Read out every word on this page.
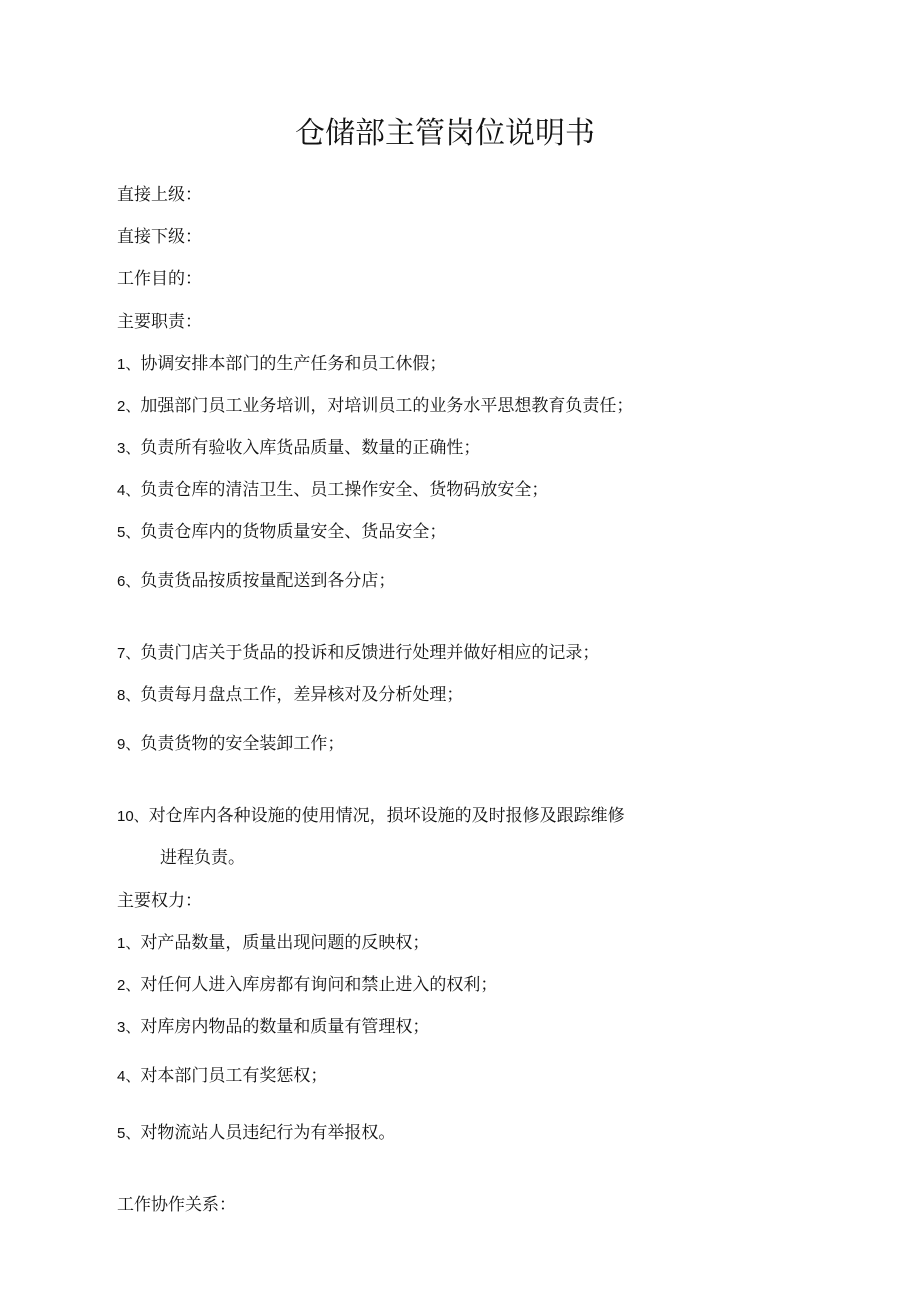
仓储部主管岗位说明书
直接上级：
直接下级：
工作目的：
主要职责：
1、协调安排本部门的生产任务和员工休假；
2、加强部门员工业务培训，对培训员工的业务水平思想教育负责任；
3、负责所有验收入库货品质量、数量的正确性；
4、负责仓库的清洁卫生、员工操作安全、货物码放安全；
5、负责仓库内的货物质量安全、货品安全；
6、负责货品按质按量配送到各分店；
7、负责门店关于货品的投诉和反馈进行处理并做好相应的记录；
8、负责每月盘点工作，差异核对及分析处理；
9、负责货物的安全装卸工作；
10、对仓库内各种设施的使用情况，损坏设施的及时报修及跟踪维修
进程负责。
主要权力：
1、对产品数量，质量出现问题的反映权；
2、对任何人进入库房都有询问和禁止进入的权利；
3、对库房内物品的数量和质量有管理权；
4、对本部门员工有奖惩权；
5、对物流站人员违纪行为有举报权。
工作协作关系：
